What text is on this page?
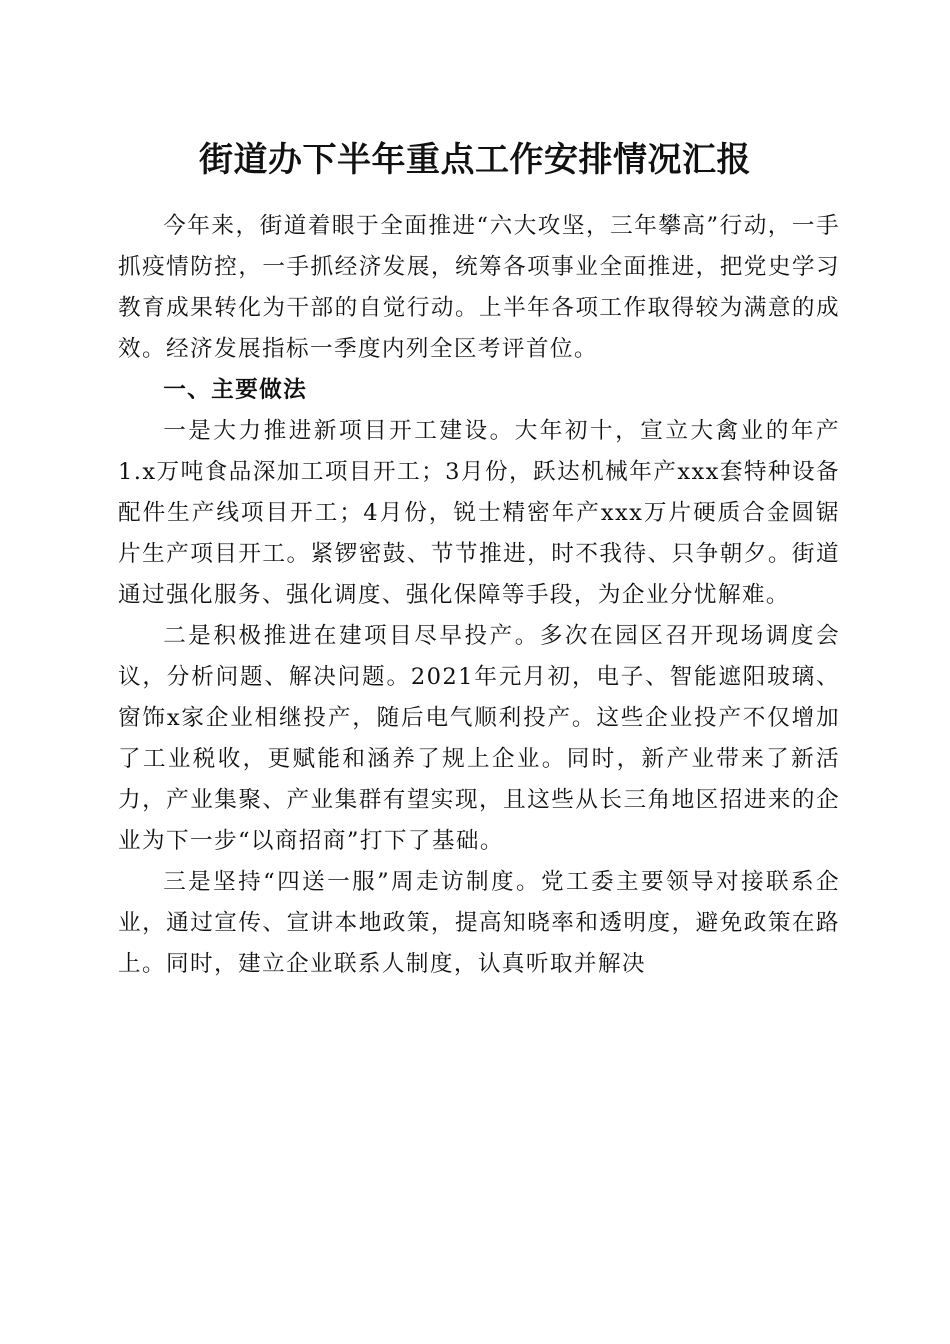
街道办下半年重点工作安排情况汇报

今年来，街道着眼于全面推进“六大攻坚，三年攀高”行动，一手抓疫情防控，一手抓经济发展，统筹各项事业全面推进，把党史学习教育成果转化为干部的自觉行动。上半年各项工作取得较为满意的成效。经济发展指标一季度内列全区考评首位。

一、主要做法

一是大力推进新项目开工建设。大年初十，宣立大禽业的年产1.x万吨食品深加工项目开工；3月份，跃达机械年产xxx套特种设备配件生产线项目开工；4月份，锐士精密年产xxx万片硬质合金圆锯片生产项目开工。紧锣密鼓、节节推进，时不我待、只争朝夕。街道通过强化服务、强化调度、强化保障等手段，为企业分忧解难。

二是积极推进在建项目尽早投产。多次在园区召开现场调度会议，分析问题、解决问题。2021年元月初，电子、智能遮阳玻璃、窗饰x家企业相继投产，随后电气顺利投产。这些企业投产不仅增加了工业税收，更赋能和涵养了规上企业。同时，新产业带来了新活力，产业集聚、产业集群有望实现，且这些从长三角地区招进来的企业为下一步“以商招商”打下了基础。

三是坚持“四送一服”周走访制度。党工委主要领导对接联系企业，通过宣传、宣讲本地政策，提高知晓率和透明度，避免政策在路上。同时，建立企业联系人制度，认真听取并解决
